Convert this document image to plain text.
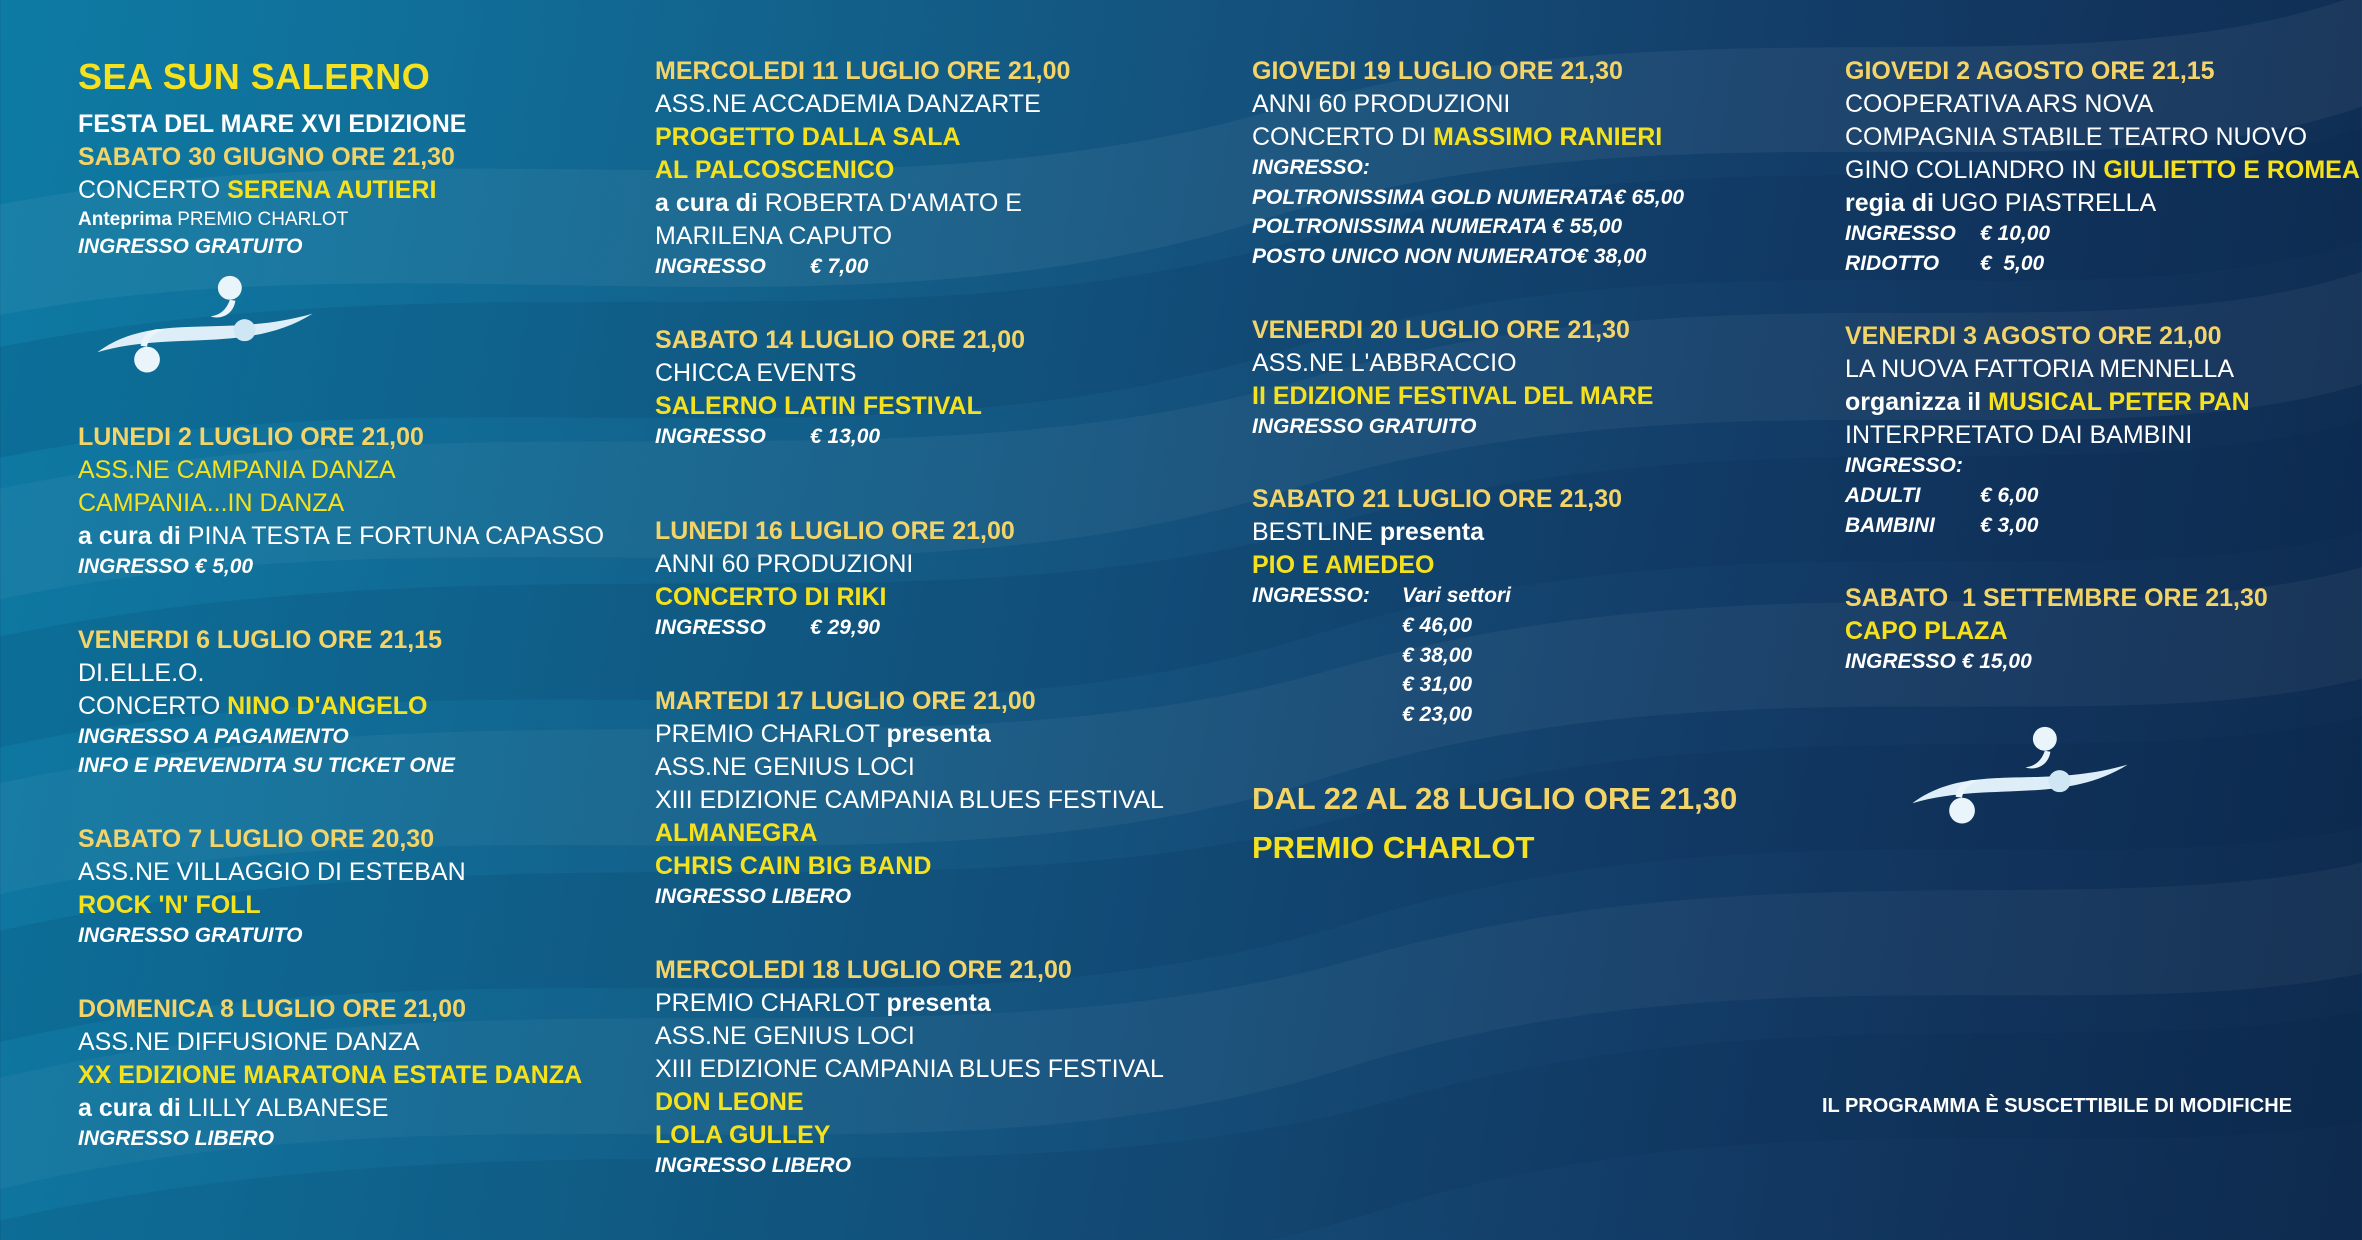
SEA SUN SALERNO
FESTA DEL MARE XVI EDIZIONE
SABATO 30 GIUGNO ORE 21,30
CONCERTO SERENA AUTIERI
Anteprima PREMIO CHARLOT
INGRESSO GRATUITO
LUNEDI 2 LUGLIO ORE 21,00
ASS.NE CAMPANIA DANZA
CAMPANIA...IN DANZA
a cura di PINA TESTA E FORTUNA CAPASSO
INGRESSO € 5,00
VENERDI 6 LUGLIO ORE 21,15
DI.ELLE.O.
CONCERTO NINO D'ANGELO
INGRESSO A PAGAMENTO
INFO E PREVENDITA SU TICKET ONE
SABATO 7 LUGLIO ORE 20,30
ASS.NE VILLAGGIO DI ESTEBAN
ROCK 'N' FOLL
INGRESSO GRATUITO
DOMENICA 8 LUGLIO ORE 21,00
ASS.NE DIFFUSIONE DANZA
XX EDIZIONE MARATONA ESTATE DANZA
a cura di LILLY ALBANESE
INGRESSO LIBERO
MERCOLEDI 11 LUGLIO ORE 21,00
ASS.NE ACCADEMIA DANZARTE
PROGETTO DALLA SALA
AL PALCOSCENICO
a cura di ROBERTA D'AMATO E
MARILENA CAPUTO
INGRESSO € 7,00
SABATO 14 LUGLIO ORE 21,00
CHICCA EVENTS
SALERNO LATIN FESTIVAL
INGRESSO € 13,00
LUNEDI 16 LUGLIO ORE 21,00
ANNI 60 PRODUZIONI
CONCERTO DI RIKI
INGRESSO € 29,90
MARTEDI 17 LUGLIO ORE 21,00
PREMIO CHARLOT presenta
ASS.NE GENIUS LOCI
XIII EDIZIONE CAMPANIA BLUES FESTIVAL
ALMANEGRA
CHRIS CAIN BIG BAND
INGRESSO LIBERO
MERCOLEDI 18 LUGLIO ORE 21,00
PREMIO CHARLOT presenta
ASS.NE GENIUS LOCI
XIII EDIZIONE CAMPANIA BLUES FESTIVAL
DON LEONE
LOLA GULLEY
INGRESSO LIBERO
GIOVEDI 19 LUGLIO ORE 21,30
ANNI 60 PRODUZIONI
CONCERTO DI MASSIMO RANIERI
INGRESSO:
POLTRONISSIMA GOLD NUMERATA€ 65,00
POLTRONISSIMA NUMERATA € 55,00
POSTO UNICO NON NUMERATO€ 38,00
VENERDI 20 LUGLIO ORE 21,30
ASS.NE L'ABBRACCIO
II EDIZIONE FESTIVAL DEL MARE
INGRESSO GRATUITO
SABATO 21 LUGLIO ORE 21,30
BESTLINE presenta
PIO E AMEDEO
INGRESSO: Vari settori
€ 46,00
€ 38,00
€ 31,00
€ 23,00
DAL 22 AL 28 LUGLIO ORE 21,30
PREMIO CHARLOT
GIOVEDI 2 AGOSTO ORE 21,15
COOPERATIVA ARS NOVA
COMPAGNIA STABILE TEATRO NUOVO
GINO COLIANDRO IN GIULIETTO E ROMEA
regia di UGO PIASTRELLA
INGRESSO € 10,00
RIDOTTO €  5,00
VENERDI 3 AGOSTO ORE 21,00
LA NUOVA FATTORIA MENNELLA
organizza il MUSICAL PETER PAN
INTERPRETATO DAI BAMBINI
INGRESSO:
ADULTI	€ 6,00
BAMBINI € 3,00
SABATO  1 SETTEMBRE ORE 21,30
CAPO PLAZA
INGRESSO € 15,00
IL PROGRAMMA È SUSCETTIBILE DI MODIFICHE
